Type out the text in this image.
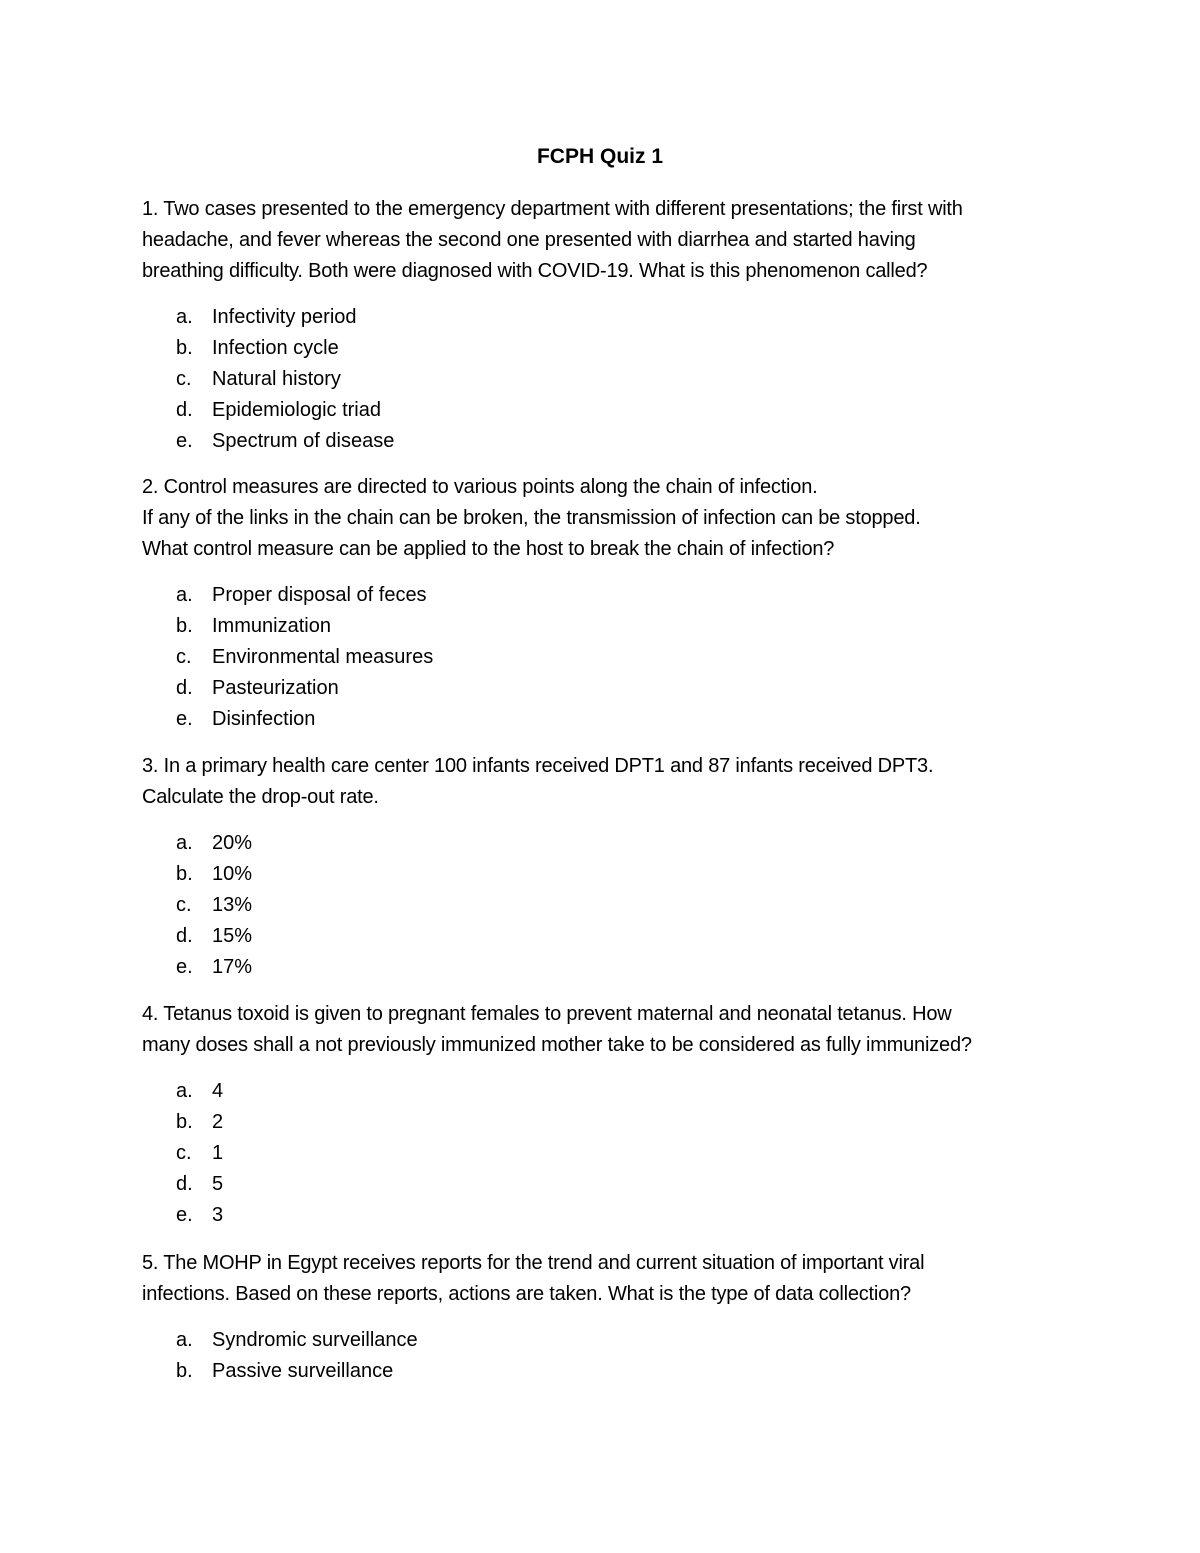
FCPH Quiz 1

1. Two cases presented to the emergency department with different presentations; the first with
headache, and fever whereas the second one presented with diarrhea and started having
breathing difficulty. Both were diagnosed with COVID-19. What is this phenomenon called?

a. Infectivity period
b. Infection cycle
c.	Natural history
d. Epidemiologic triad
e. Spectrum of disease

2. Control measures are directed to various points along the chain of infection.
If any of the links in the chain can be broken, the transmission of infection can be stopped.
What control measure can be applied to the host to break the chain of infection?

a. Proper disposal of feces
b. Immunization
c.	Environmental measures
d. Pasteurization
e. Disinfection

3. In a primary health care center 100 infants received DPT1 and 87 infants received DPT3.
Calculate the drop-out rate.

a. 20%
b. 10%
c.	13%
d. 15%
e. 17%

4. Tetanus toxoid is given to pregnant females to prevent maternal and neonatal tetanus. How
many doses shall a not previously immunized mother take to be considered as fully immunized?

a. 4
b. 2
c.	1
d. 5
e. 3

5. The MOHP in Egypt receives reports for the trend and current situation of important viral
infections. Based on these reports, actions are taken. What is the type of data collection?

a. Syndromic surveillance
b. Passive surveillance
